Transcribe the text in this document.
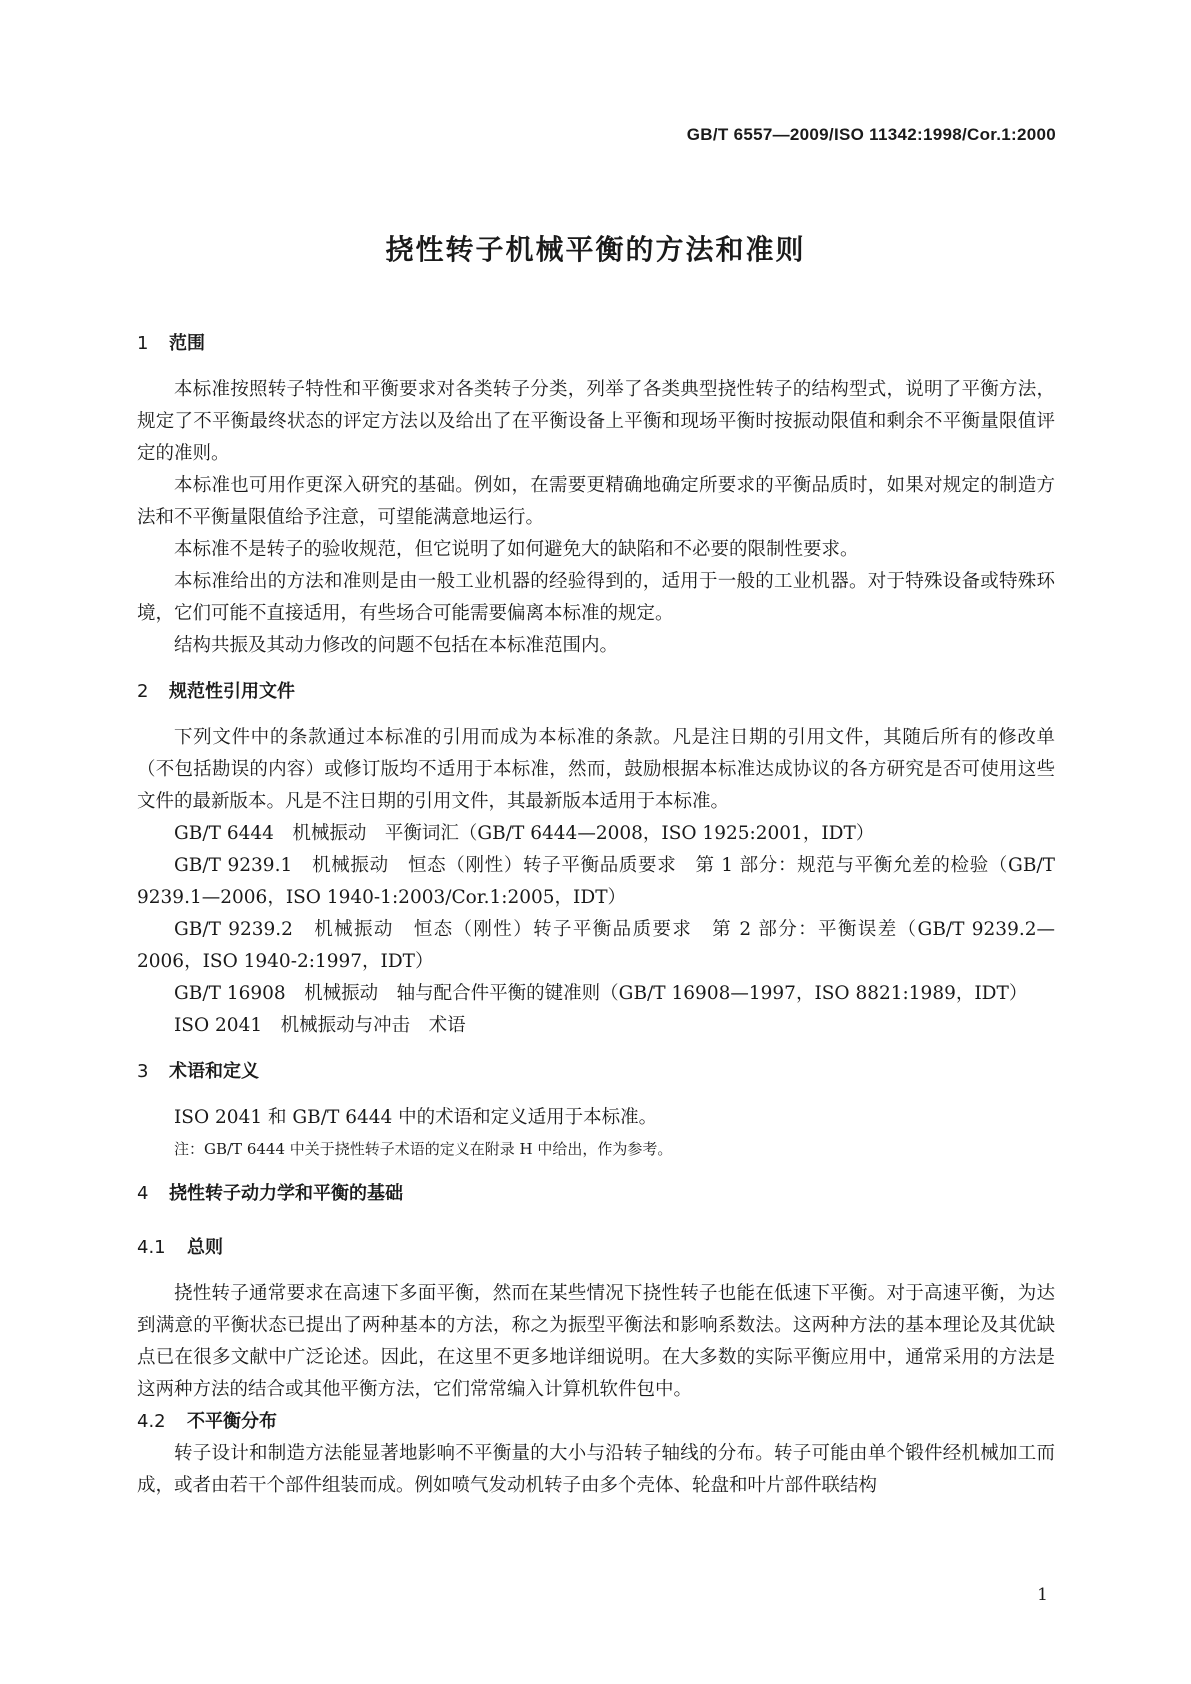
GB/T 6557—2009/ISO 11342:1998/Cor.1:2000
挠性转子机械平衡的方法和准则
1 范围

本标准按照转子特性和平衡要求对各类转子分类，列举了各类典型挠性转子的结构型式，说明了平衡方法，规定了不平衡最终状态的评定方法以及给出了在平衡设备上平衡和现场平衡时按振动限值和剩余不平衡量限值评定的准则。

本标准也可用作更深入研究的基础。例如，在需要更精确地确定所要求的平衡品质时，如果对规定的制造方法和不平衡量限值给予注意，可望能满意地运行。

本标准不是转子的验收规范，但它说明了如何避免大的缺陷和不必要的限制性要求。

本标准给出的方法和准则是由一般工业机器的经验得到的，适用于一般的工业机器。对于特殊设备或特殊环境，它们可能不直接适用，有些场合可能需要偏离本标准的规定。

结构共振及其动力修改的问题不包括在本标准范围内。

2 规范性引用文件

下列文件中的条款通过本标准的引用而成为本标准的条款。凡是注日期的引用文件，其随后所有的修改单（不包括勘误的内容）或修订版均不适用于本标准，然而，鼓励根据本标准达成协议的各方研究是否可使用这些文件的最新版本。凡是不注日期的引用文件，其最新版本适用于本标准。

GB/T 6444　机械振动　平衡词汇（GB/T 6444—2008，ISO 1925:2001，IDT）

GB/T 9239.1　机械振动　恒态（刚性）转子平衡品质要求　第 1 部分：规范与平衡允差的检验（GB/T 9239.1—2006，ISO 1940-1:2003/Cor.1:2005，IDT）

GB/T 9239.2　机械振动　恒态（刚性）转子平衡品质要求　第 2 部分：平衡误差（GB/T 9239.2—2006，ISO 1940-2:1997，IDT）

GB/T 16908　机械振动　轴与配合件平衡的键准则（GB/T 16908—1997，ISO 8821:1989，IDT）

ISO 2041　机械振动与冲击　术语

3 术语和定义

ISO 2041 和 GB/T 6444 中的术语和定义适用于本标准。

注：GB/T 6444 中关于挠性转子术语的定义在附录 H 中给出，作为参考。

4 挠性转子动力学和平衡的基础
4.1 总则

挠性转子通常要求在高速下多面平衡，然而在某些情况下挠性转子也能在低速下平衡。对于高速平衡，为达到满意的平衡状态已提出了两种基本的方法，称之为振型平衡法和影响系数法。这两种方法的基本理论及其优缺点已在很多文献中广泛论述。因此，在这里不更多地详细说明。在大多数的实际平衡应用中，通常采用的方法是这两种方法的结合或其他平衡方法，它们常常编入计算机软件包中。

4.2 不平衡分布

转子设计和制造方法能显著地影响不平衡量的大小与沿转子轴线的分布。转子可能由单个锻件经机械加工而成，或者由若干个部件组装而成。例如喷气发动机转子由多个壳体、轮盘和叶片部件联结构

1
